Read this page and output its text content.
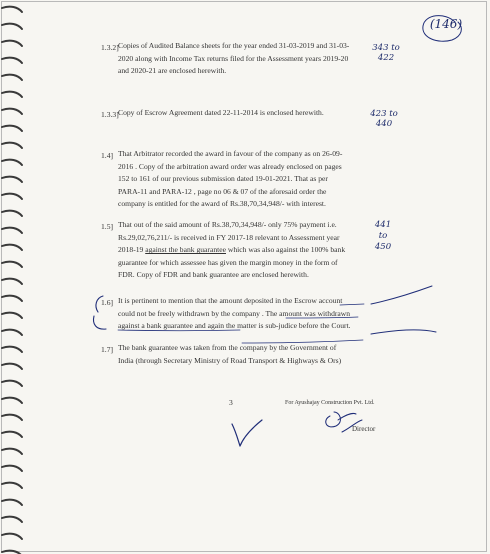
(146)
1.3.2] Copies of Audited Balance sheets for the year ended 31-03-2019 and 31-03-
2020 along with Income Tax returns filed for the Assessment years 2019-20
and 2020-21 are enclosed herewith.
343 to
422
1.3.3] Copy of Escrow Agreement dated 22-11-2014 is enclosed herewith.	423 to
440
1.4] That Arbitrator recorded the award in favour of the company as on 26-09-
2016 . Copy of the arbitration award order was already enclosed on pages
152 to 161 of our previous submission dated 19-01-2021. That as per
PARA-11 and PARA-12 , page no 06 & 07 of the aforesaid order the
company is entitled for the award of Rs.38,70,34,948/- with interest.
1.5] That out of the said amount of Rs.38,70,34,948/- only 75% payment i.e.
Rs.29,02,76,211/- is received in FY 2017-18 relevant to Assessment year
2018-19 against the bank guarantee which was also against the 100% bank
guarantee for which assessee has given the margin money in the form of
FDR. Copy of FDR and bank guarantee are enclosed herewith.
441
to
450
1.6] It is pertinent to mention that the amount deposited in the Escrow account
could not be freely withdrawn by the company . The amount was withdrawn
against a bank guarantee and again the matter is sub-judice before the Court.
1.7] The bank guarantee was taken from the company by the Government of
India (through Secretary Ministry of Road Transport & Highways & Ors)
3	For Ayushajay Construction Pvt. Ltd.
Director
